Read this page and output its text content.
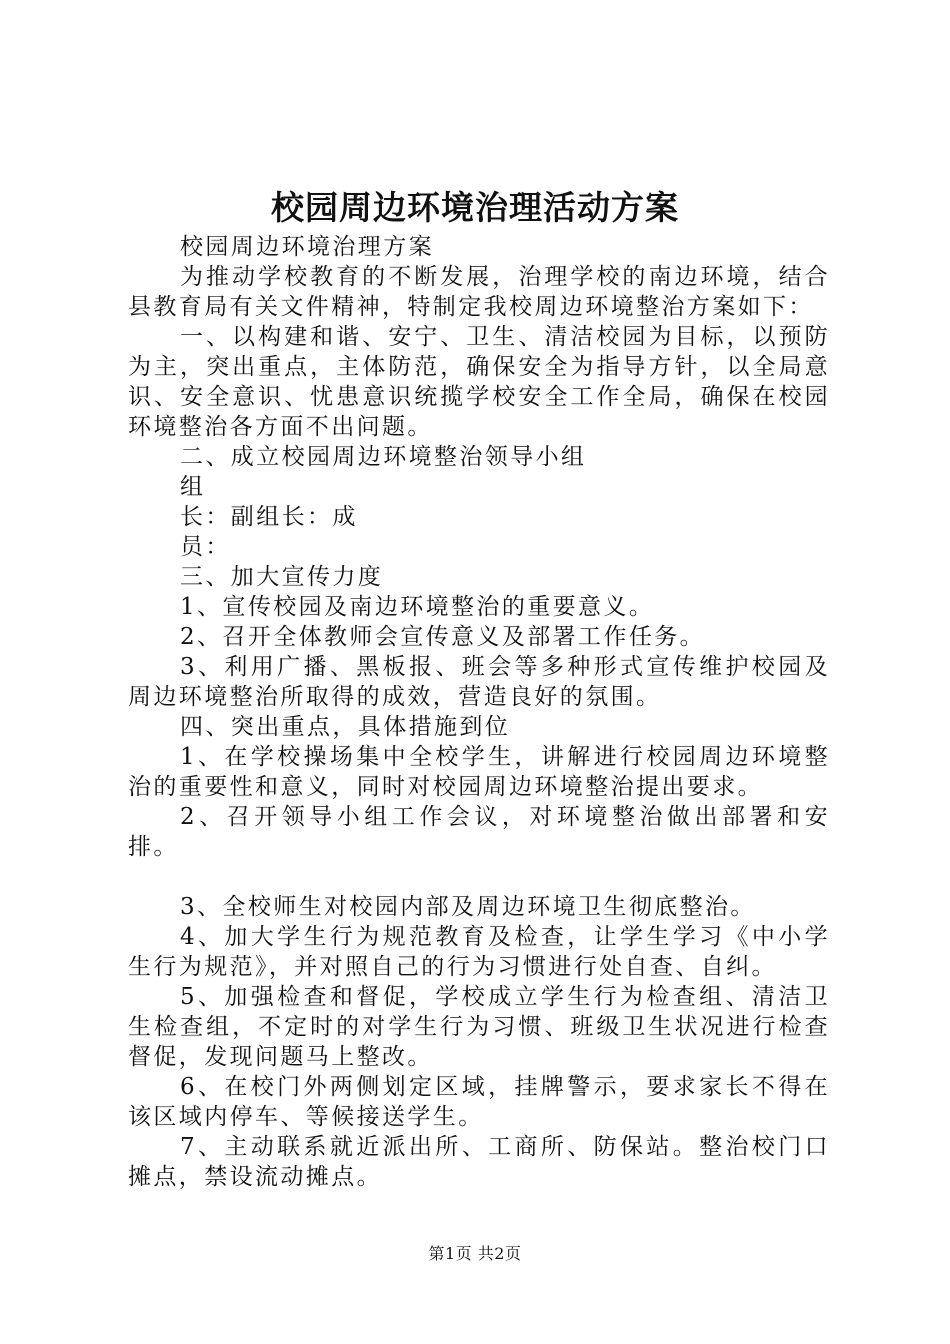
校园周边环境治理活动方案

校园周边环境治理方案

为推动学校教育的不断发展，治理学校的南边环境，结合县教育局有关文件精神，特制定我校周边环境整治方案如下：

一、以构建和谐、安宁、卫生、清洁校园为目标，以预防为主，突出重点，主体防范，确保安全为指导方针，以全局意识、安全意识、忧患意识统揽学校安全工作全局，确保在校园环境整治各方面不出问题。

二、成立校园周边环境整治领导小组

组

长：副组长：成

员：

三、加大宣传力度

1、宣传校园及南边环境整治的重要意义。

2、召开全体教师会宣传意义及部署工作任务。

3、利用广播、黑板报、班会等多种形式宣传维护校园及周边环境整治所取得的成效，营造良好的氛围。

四、突出重点，具体措施到位

1、在学校操场集中全校学生，讲解进行校园周边环境整治的重要性和意义，同时对校园周边环境整治提出要求。

2、召开领导小组工作会议，对环境整治做出部署和安排。

3、全校师生对校园内部及周边环境卫生彻底整治。

4、加大学生行为规范教育及检查，让学生学习《中小学生行为规范》，并对照自己的行为习惯进行处自查、自纠。

5、加强检查和督促，学校成立学生行为检查组、清洁卫生检查组，不定时的对学生行为习惯、班级卫生状况进行检查督促，发现问题马上整改。

6、在校门外两侧划定区域，挂牌警示，要求家长不得在该区域内停车、等候接送学生。

7、主动联系就近派出所、工商所、防保站。整治校门口摊点，禁设流动摊点。

第1页 共2页
